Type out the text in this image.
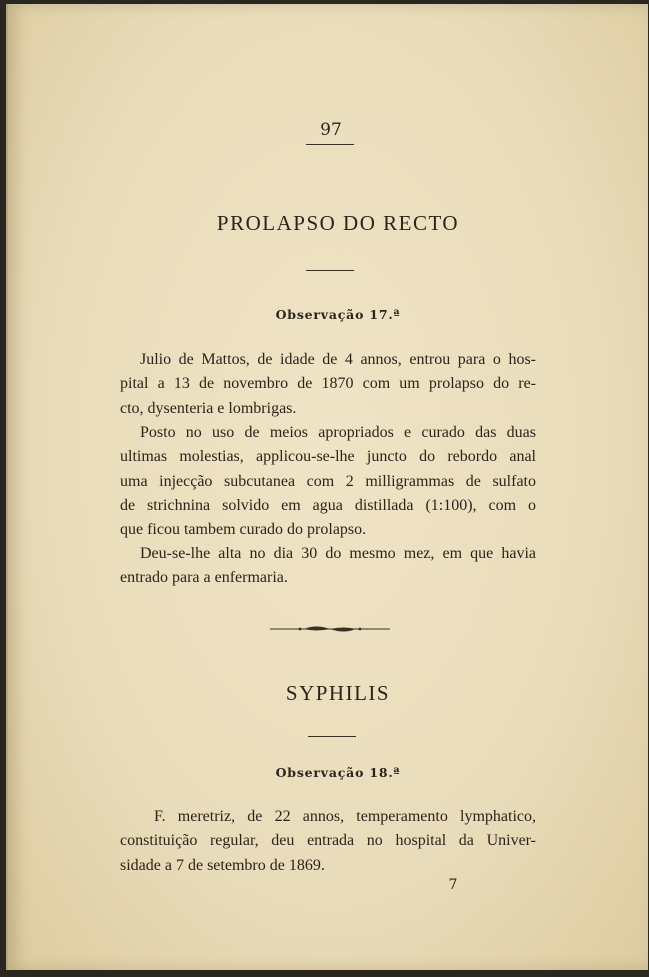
97
PROLAPSO DO RECTO
Observação 17.ª
Julio de Mattos, de idade de 4 annos, entrou para o hos-
pital a 13 de novembro de 1870 com um prolapso do re-
cto, dysenteria e lombrigas.
Posto no uso de meios apropriados e curado das duas
ultimas molestias, applicou-se-lhe juncto do rebordo anal
uma injecção subcutanea com 2 milligrammas de sulfato
de strichnina solvido em agua distillada (1:100), com o
que ficou tambem curado do prolapso.
Deu-se-lhe alta no dia 30 do mesmo mez, em que havia
entrado para a enfermaria.
SYPHILIS
Observação 18.ª
F. meretriz, de 22 annos, temperamento lymphatico,
constituição regular, deu entrada no hospital da Univer-
sidade a 7 de setembro de 1869.
7
